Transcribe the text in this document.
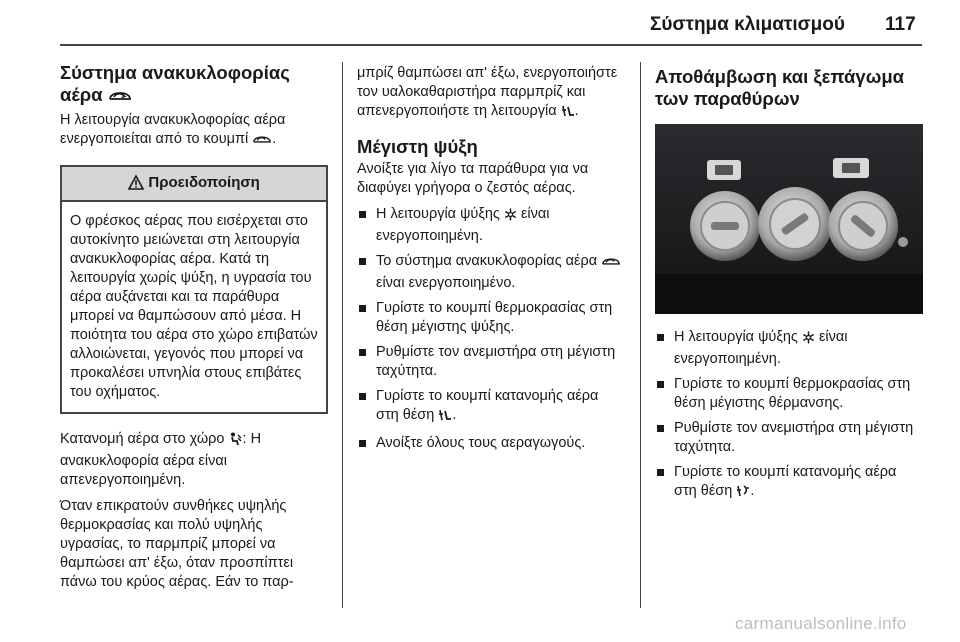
Σύστημα κλιματισμού 117
Σύστημα ανακυκλοφορίας
αέρα

Η λειτουργία ανακυκλοφορίας αέρα ενεργοποιείται από το κουμπί .

Προειδοποίηση
Ο φρέσκος αέρας που εισέρχεται στο αυτοκίνητο μειώνεται στη λειτουργία ανακυκλοφορίας αέρα. Κατά τη λειτουργία χωρίς ψύξη, η υγρασία του αέρα αυξάνεται και τα παράθυρα μπορεί να θαμπώσουν από μέσα. Η ποιότητα του αέρα στο χώρο επιβατών αλλοιώνεται, γεγονός που μπορεί να προκαλέσει υπνηλία στους επιβάτες του οχήματος.

Κατανομή αέρα στο χώρο : Η ανακυκλοφορία αέρα είναι απενεργοποιημένη.

Όταν επικρατούν συνθήκες υψηλής θερμοκρασίας και πολύ υψηλής υγρασίας, το παρμπρίζ μπορεί να θαμπώσει απ' έξω, όταν προσπίπτει πάνω του κρύος αέρας. Εάν το παρ-

μπρίζ θαμπώσει απ' έξω, ενεργοποιήστε τον υαλοκαθαριστήρα παρμπρίζ και απενεργοποιήστε τη λειτουργία .

Μέγιστη ψύξη

Ανοίξτε για λίγο τα παράθυρα για να διαφύγει γρήγορα ο ζεστός αέρας.

Η λειτουργία ψύξης είναι ενεργοποιημένη.
Το σύστημα ανακυκλοφορίας αέρα  είναι ενεργοποιημένο.
Γυρίστε το κουμπί θερμοκρασίας στη θέση μέγιστης ψύξης.
Ρυθμίστε τον ανεμιστήρα στη μέγιστη ταχύτητα.
Γυρίστε το κουμπί κατανομής αέρα στη θέση .
Ανοίξτε όλους τους αεραγωγούς.
Αποθάμβωση και ξεπάγωμα
των παραθύρων
Η λειτουργία ψύξης είναι ενεργοποιημένη.
Γυρίστε το κουμπί θερμοκρασίας στη θέση μέγιστης θέρμανσης.
Ρυθμίστε τον ανεμιστήρα στη μέγιστη ταχύτητα.
Γυρίστε το κουμπί κατανομής αέρα στη θέση .
carmanualsonline.info
